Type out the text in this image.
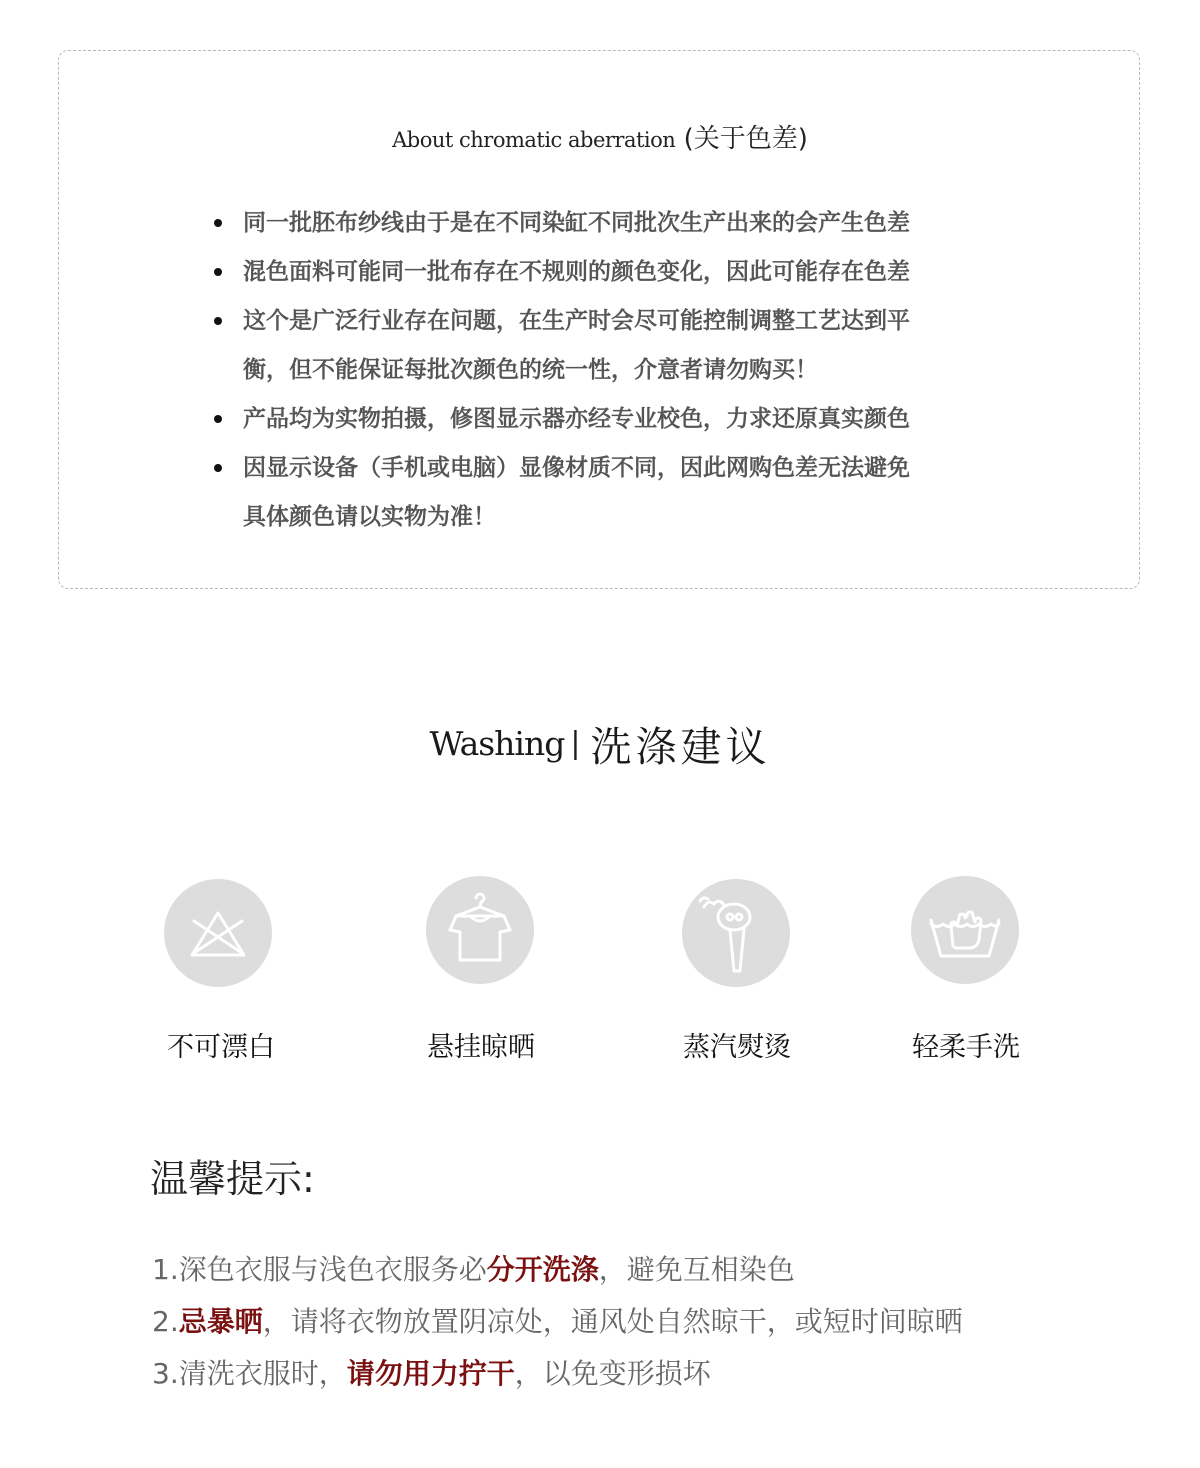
About chromatic aberration (关于色差)
同一批胚布纱线由于是在不同染缸不同批次生产出来的会产生色差
混色面料可能同一批布存在不规则的颜色变化，因此可能存在色差
这个是广泛行业存在问题，在生产时会尽可能控制调整工艺达到平
衡，但不能保证每批次颜色的统一性，介意者请勿购买！
产品均为实物拍摄，修图显示器亦经专业校色，力求还原真实颜色
因显示设备（手机或电脑）显像材质不同，因此网购色差无法避免
具体颜色请以实物为准！
Washing | 洗涤建议
不可漂白	悬挂晾晒	蒸汽熨烫	轻柔手洗
温馨提示:
1.深色衣服与浅色衣服务必分开洗涤，避免互相染色
2.忌暴晒，请将衣物放置阴凉处，通风处自然晾干，或短时间晾晒
3.清洗衣服时，请勿用力拧干，以免变形损坏
